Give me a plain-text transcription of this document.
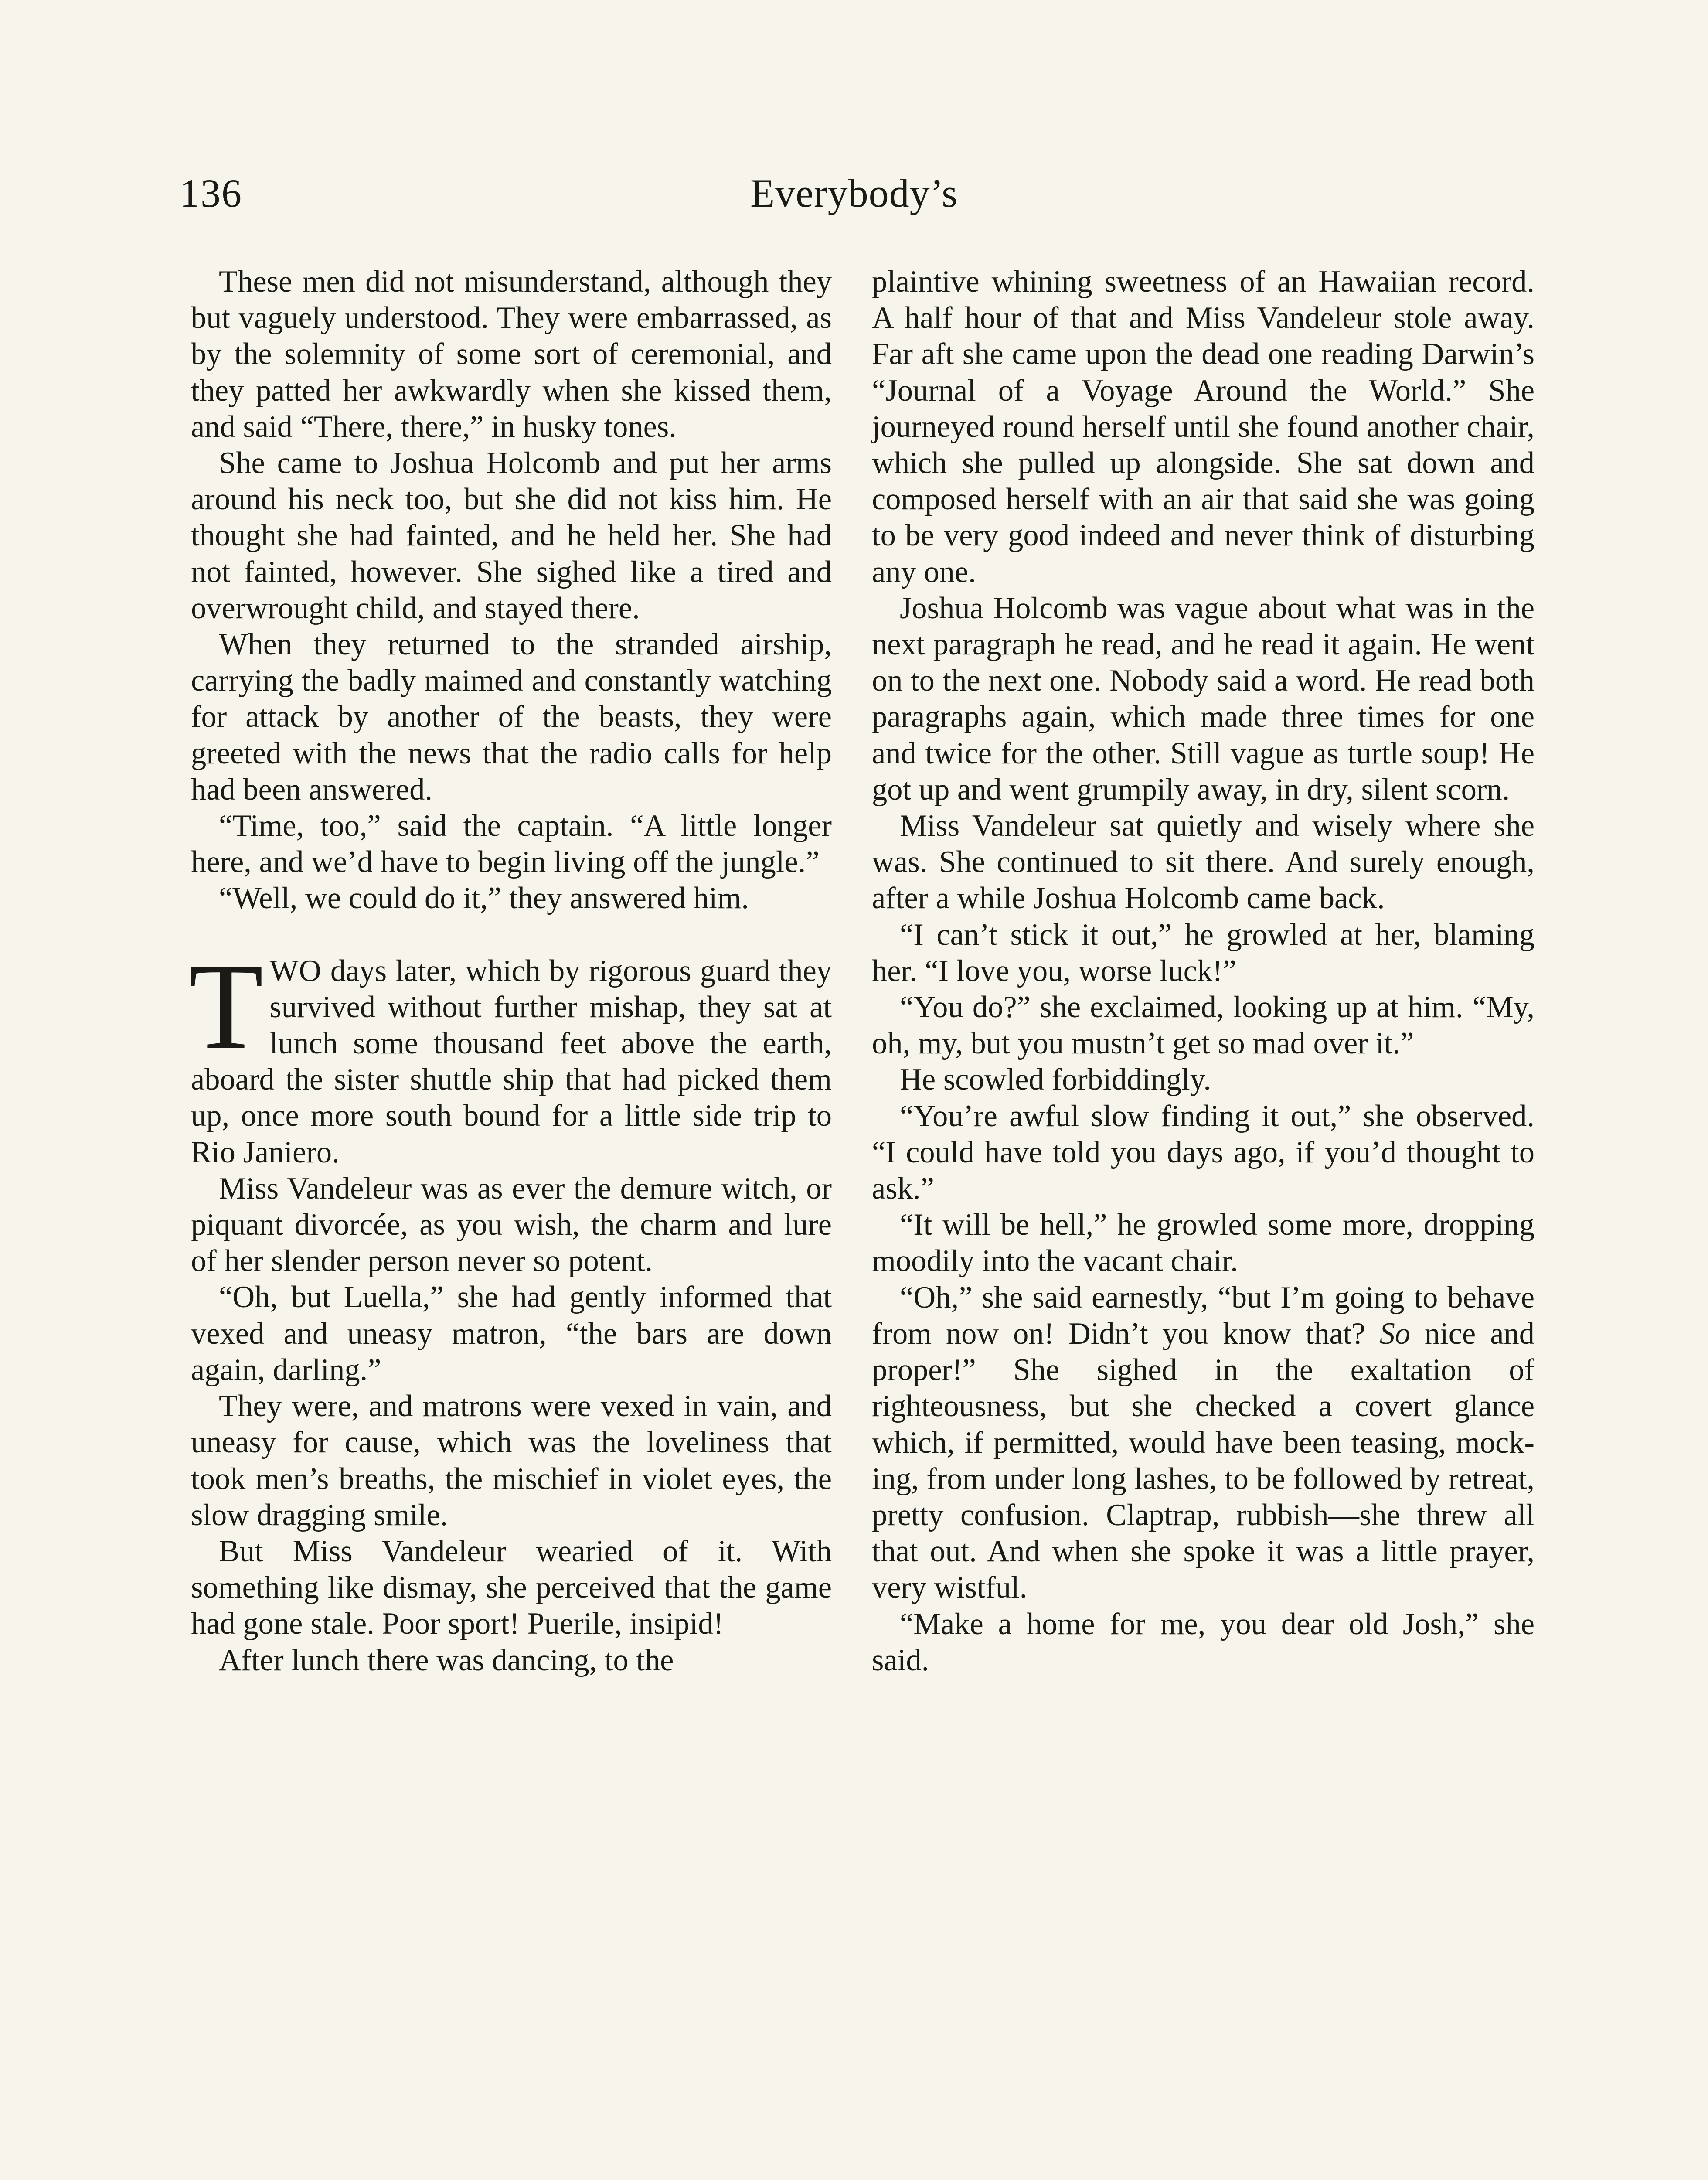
136	Everybody’s

These men did not misunderstand, although they but vaguely understood. They were embarrassed, as by the solemnity of some sort of ceremonial, and they patted her awkwardly when she kissed them, and said “There, there,” in husky tones.

She came to Joshua Holcomb and put her arms around his neck too, but she did not kiss him. He thought she had fainted, and he held her. She had not fainted, however. She sighed like a tired and overwrought child, and stayed there.

When they returned to the stranded airship, carrying the badly maimed and constantly watching for attack by another of the beasts, they were greeted with the news that the radio calls for help had been answered.

“Time, too,” said the captain. “A little longer here, and we’d have to begin living off the jungle.”

“Well, we could do it,” they answered him.

TWO days later, which by rigorous guard they survived without further mishap, they sat at lunch some thousand feet above the earth, aboard the sister shuttle ship that had picked them up, once more south bound for a little side trip to Rio Janiero.

Miss Vandeleur was as ever the demure witch, or piquant divorcée, as you wish, the charm and lure of her slender person never so potent.

“Oh, but Luella,” she had gently informed that vexed and uneasy matron, “the bars are down again, darling.”

They were, and matrons were vexed in vain, and uneasy for cause, which was the loveliness that took men’s breaths, the mischief in violet eyes, the slow dragging smile.

But Miss Vandeleur wearied of it. With something like dismay, she perceived that the game had gone stale. Poor sport! Puerile, insipid!

After lunch there was dancing, to the

plaintive whining sweetness of an Hawaiian record. A half hour of that and Miss Vandeleur stole away. Far aft she came upon the dead one reading Darwin’s “Journal of a Voyage Around the World.” She journeyed round herself until she found another chair, which she pulled up alongside. She sat down and composed herself with an air that said she was going to be very good indeed and never think of disturbing any one.

Joshua Holcomb was vague about what was in the next paragraph he read, and he read it again. He went on to the next one. Nobody said a word. He read both paragraphs again, which made three times for one and twice for the other. Still vague as turtle soup! He got up and went grumpily away, in dry, silent scorn.

Miss Vandeleur sat quietly and wisely where she was. She continued to sit there. And surely enough, after a while Joshua Holcomb came back.

“I can’t stick it out,” he growled at her, blaming her. “I love you, worse luck!”

“You do?” she exclaimed, looking up at him. “My, oh, my, but you mustn’t get so mad over it.”

He scowled forbiddingly.

“You’re awful slow finding it out,” she observed. “I could have told you days ago, if you’d thought to ask.”

“It will be hell,” he growled some more, dropping moodily into the vacant chair.

“Oh,” she said earnestly, “but I’m going to behave from now on! Didn’t you know that? So nice and proper!” She sighed in the exaltation of righteousness, but she checked a covert glance which, if permitted, would have been teasing, mocking, from under long lashes, to be followed by retreat, pretty confusion. Claptrap, rubbish—she threw all that out. And when she spoke it was a little prayer, very wistful.

“Make a home for me, you dear old Josh,” she said.
